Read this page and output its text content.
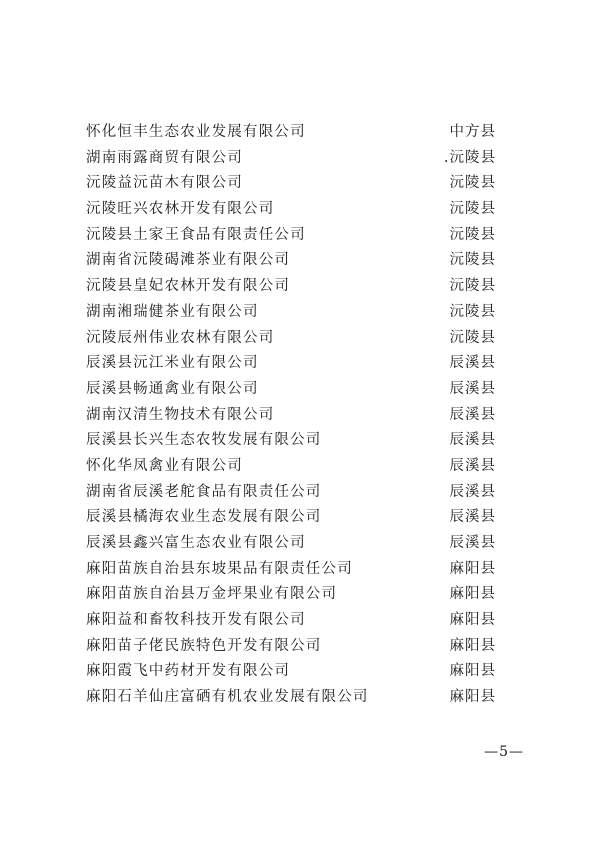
怀化恒丰生态农业发展有限公司	中方县
湖南雨露商贸有限公司	.沅陵县
沅陵益沅苗木有限公司	沅陵县
沅陵旺兴农林开发有限公司	沅陵县
沅陵县土家王食品有限责任公司	沅陵县
湖南省沅陵碣滩茶业有限公司	沅陵县
沅陵县皇妃农林开发有限公司	沅陵县
湖南湘瑞健茶业有限公司	沅陵县
沅陵辰州伟业农林有限公司	沅陵县
辰溪县沅江米业有限公司	辰溪县
辰溪县畅通禽业有限公司	辰溪县
湖南汉清生物技术有限公司	辰溪县
辰溪县长兴生态农牧发展有限公司	辰溪县
怀化华凤禽业有限公司	辰溪县
湖南省辰溪老舵食品有限责任公司	辰溪县
辰溪县橘海农业生态发展有限公司	辰溪县
辰溪县鑫兴富生态农业有限公司	辰溪县
麻阳苗族自治县东坡果品有限责任公司	麻阳县
麻阳苗族自治县万金坪果业有限公司	麻阳县
麻阳益和畜牧科技开发有限公司	麻阳县
麻阳苗子佬民族特色开发有限公司	麻阳县
麻阳霞飞中药材开发有限公司	麻阳县
麻阳石羊仙庄富硒有机农业发展有限公司	麻阳县
—5—
